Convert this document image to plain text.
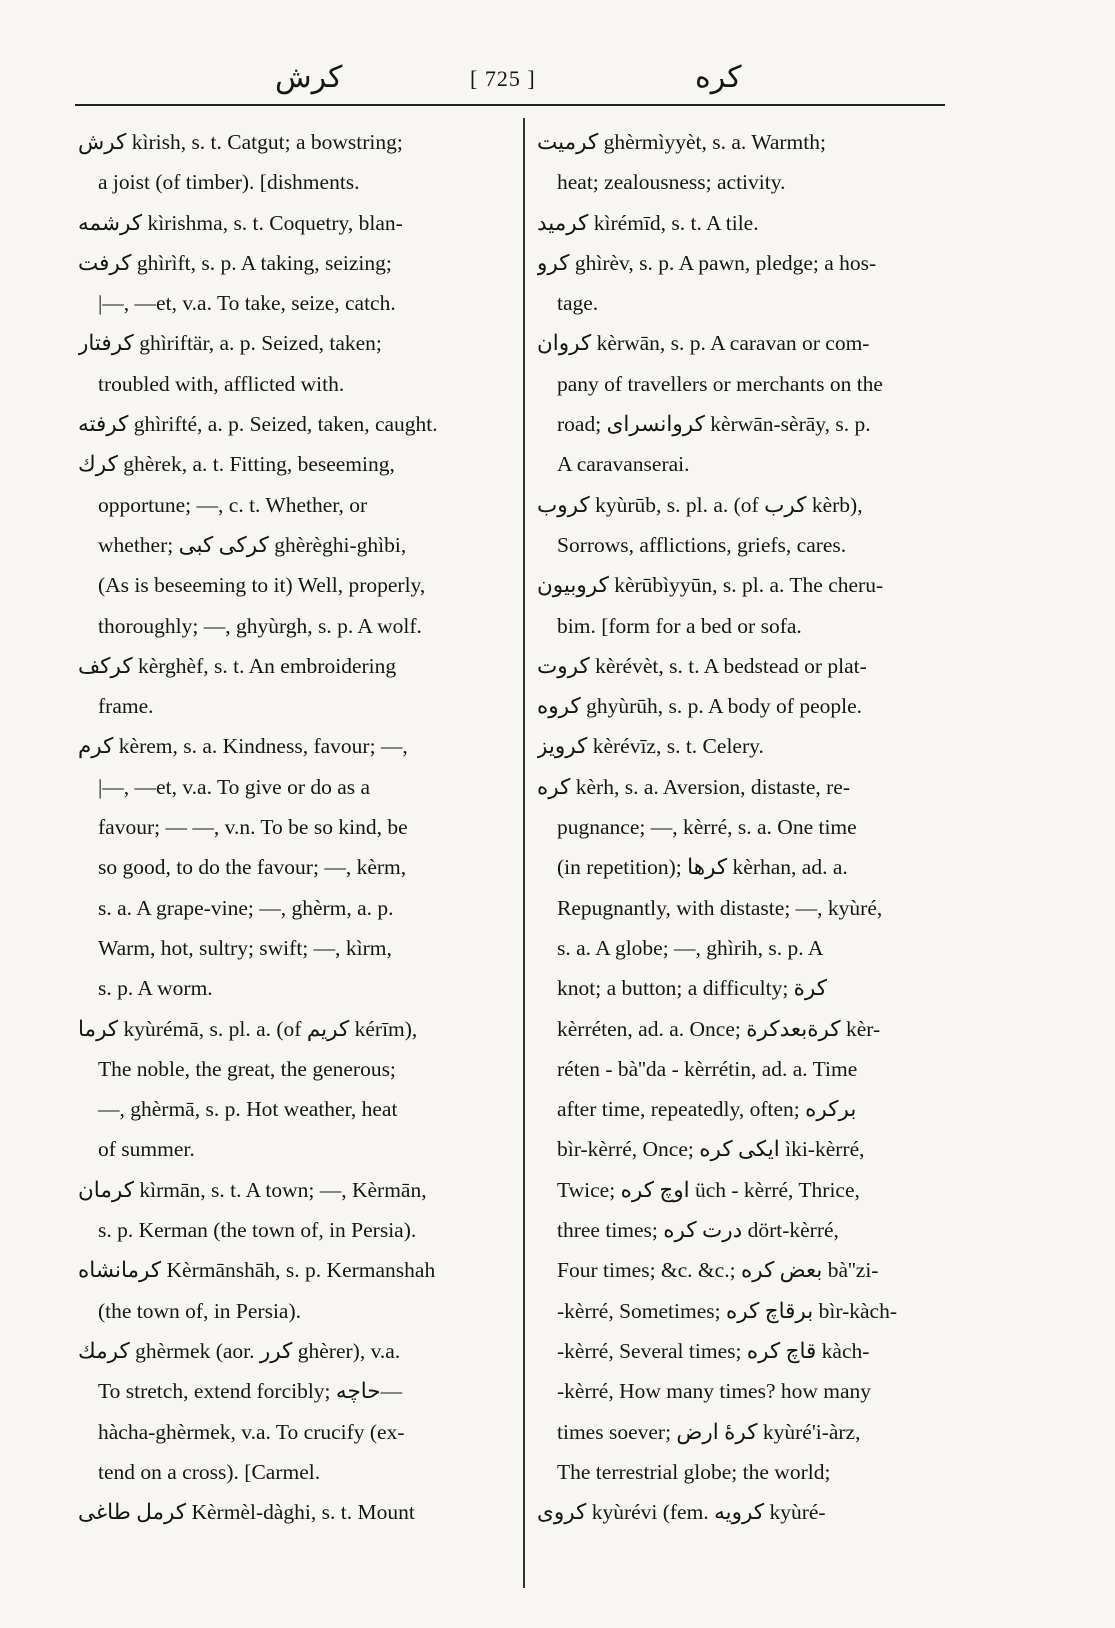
کرش	[ 725 ]	کره
کرش kìrish, s. t. Catgut; a bowstring;
a joist (of timber). [dishments.
کرشمه kìrishma, s. t. Coquetry, blan-
کرفت ghìrìft, s. p. A taking, seizing;
|—, —et, v.a. To take, seize, catch.
کرفتار ghìriftär, a. p. Seized, taken;
troubled with, afflicted with.
کرفته ghìrifté, a. p. Seized, taken, caught.
کرك ghèrek, a. t. Fitting, beseeming,
opportune; —, c. t. Whether, or
whether; کركی کبی ghèrèghi-ghìbi,
(As is beseeming to it) Well, properly,
thoroughly; —, ghyùrgh, s. p. A wolf.
کرکف kèrghèf, s. t. An embroidering
frame.
کرم kèrem, s. a. Kindness, favour; —,
|—, —et, v.a. To give or do as a
favour; — —, v.n. To be so kind, be
so good, to do the favour; —, kèrm,
s. a. A grape-vine; —, ghèrm, a. p.
Warm, hot, sultry; swift; —, kìrm,
s. p. A worm.
کرما kyùrémā, s. pl. a. (of کریم kérīm),
The noble, the great, the generous;
—, ghèrmā, s. p. Hot weather, heat
of summer.
کرمان kìrmān, s. t. A town; —, Kèrmān,
s. p. Kerman (the town of, in Persia).
کرمانشاه Kèrmānshāh, s. p. Kermanshah
(the town of, in Persia).
کرمك ghèrmek (aor. کرر ghèrer), v.a.
To stretch, extend forcibly; حاچه—
hàcha-ghèrmek, v.a. To crucify (ex-
tend on a cross). [Carmel.
کرمل طاغی Kèrmèl-dàghi, s. t. Mount
کرمیت ghèrmìyyèt, s. a. Warmth;
heat; zealousness; activity.
کرمید kìrémīd, s. t. A tile.
کرو ghìrèv, s. p. A pawn, pledge; a hos-
tage.
کروان kèrwān, s. p. A caravan or com-
pany of travellers or merchants on the
road; کروانسرای kèrwān-sèrāy, s. p.
A caravanserai.
کروب kyùrūb, s. pl. a. (of کرب kèrb),
Sorrows, afflictions, griefs, cares.
کروبیون kèrūbìyyūn, s. pl. a. The cheru-
bim. [form for a bed or sofa.
کروت kèrévèt, s. t. A bedstead or plat-
کروه ghyùrūh, s. p. A body of people.
کرویز kèrévīz, s. t. Celery.
کره kèrh, s. a. Aversion, distaste, re-
pugnance; —, kèrré, s. a. One time
(in repetition); کرها kèrhan, ad. a.
Repugnantly, with distaste; —, kyùré,
s. a. A globe; —, ghìrih, s. p. A
knot; a button; a difficulty; کرة
kèrréten, ad. a. Once; کرةبعدکرة kèr-
réten - bà''da - kèrrétin, ad. a. Time
after time, repeatedly, often; برکره
bìr-kèrré, Once; ایکی کره ìki-kèrré,
Twice; اوچ کره üch - kèrré, Thrice,
three times; درت کره dört-kèrré,
Four times; &c. &c.; بعض کره bà''zi-
-kèrré, Sometimes; برقاچ کره bìr-kàch-
-kèrré, Several times; قاچ کره kàch-
-kèrré, How many times? how many
times soever; کرهٔ ارض kyùré'i-àrz,
The terrestrial globe; the world;
کروی kyùrévi (fem. کرویه kyùré-
